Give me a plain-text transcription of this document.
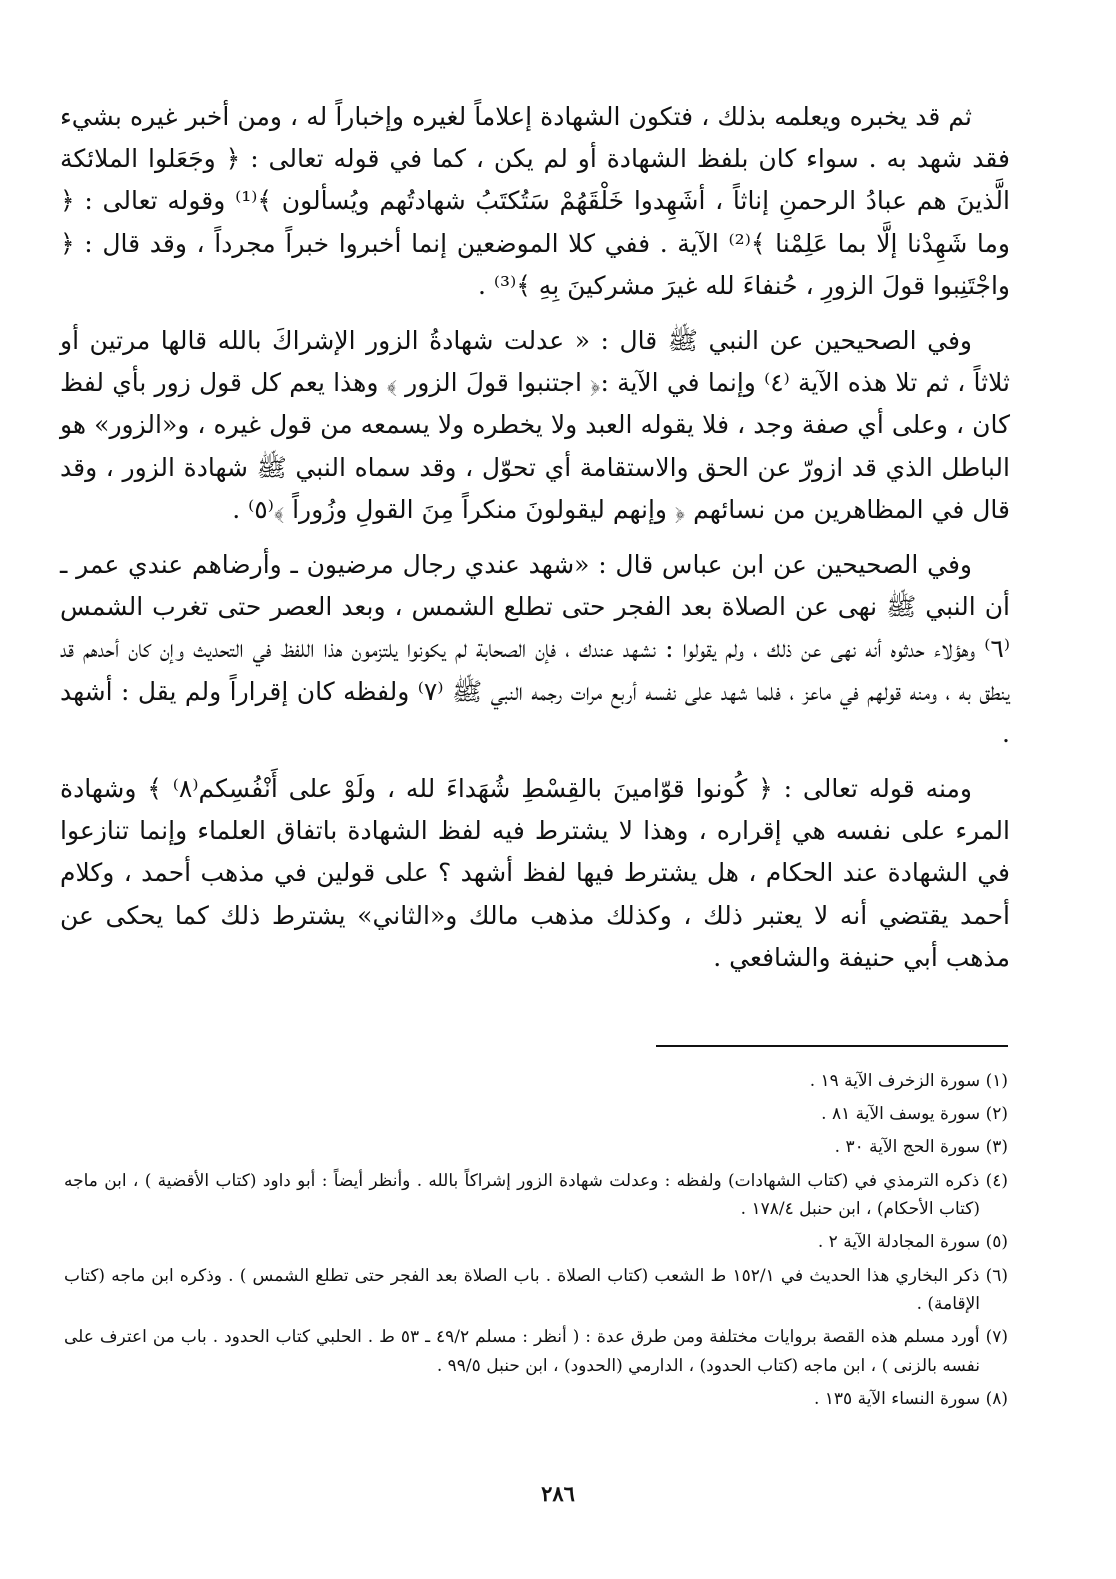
ثم قد يخبره ويعلمه بذلك ، فتكون الشهادة إعلاماً لغيره وإخباراً له ، ومن أخبر غيره بشيء فقد شهد به . سواء كان بلفظ الشهادة أو لم يكن ، كما في قوله تعالى : ﴿ وجَعَلوا الملائكة الَّذينَ هم عبادُ الرحمنِ إناثاً ، أشَهِدوا خَلْقَهُمْ سَتُكتَبُ شهادتُهم ويُسألون ﴾⁽¹⁾ وقوله تعالى : ﴿ وما شَهِدْنا إلَّا بما عَلِمْنا ﴾⁽²⁾ الآية . ففي كلا الموضعين إنما أخبروا خبراً مجرداً ، وقد قال : ﴿ واجْتَنِبوا قولَ الزورِ ، حُنفاءَ لله غيرَ مشركينَ بِهِ ﴾⁽³⁾ .

وفي الصحيحين عن النبي ﷺ قال : « عدلت شهادةُ الزور الإشراكَ بالله قالها مرتين أو ثلاثاً ، ثم تلا هذه الآية ⁽٤⁾ وإنما في الآية :﴿ اجتنبوا قولَ الزور ﴾ وهذا يعم كل قول زور بأي لفظ كان ، وعلى أي صفة وجد ، فلا يقوله العبد ولا يخطره ولا يسمعه من قول غيره ، و«الزور» هو الباطل الذي قد ازورّ عن الحق والاستقامة أي تحوّل ، وقد سماه النبي ﷺ شهادة الزور ، وقد قال في المظاهرين من نسائهم ﴿ وإنهم ليقولونَ منكراً مِنَ القولِ وزُوراً ﴾⁽٥⁾ .

وفي الصحيحين عن ابن عباس قال : «شهد عندي رجال مرضيون ـ وأرضاهم عندي عمر ـ أن النبي ﷺ نهى عن الصلاة بعد الفجر حتى تطلع الشمس ، وبعد العصر حتى تغرب الشمس ⁽٦⁾ وهؤلاء حدثوه أنه نهى عن ذلك ، ولم يقولوا : نشهد عندك ، فإن الصحابة لم يكونوا يلتزمون هذا اللفظ في التحديث وإن كان أحدهم قد ينطق به ، ومنه قولهم في ماعز ، فلما شهد على نفسه أربع مرات رجمه النبي ﷺ ⁽٧⁾ ولفظه كان إقراراً ولم يقل : أشهد .

ومنه قوله تعالى : ﴿ كُونوا قوّامينَ بالقِسْطِ شُهَداءَ لله ، ولَوْ على أَنْفُسِكم⁽٨⁾ ﴾ وشهادة المرء على نفسه هي إقراره ، وهذا لا يشترط فيه لفظ الشهادة باتفاق العلماء وإنما تنازعوا في الشهادة عند الحكام ، هل يشترط فيها لفظ أشهد ؟ على قولين في مذهب أحمد ، وكلام أحمد يقتضي أنه لا يعتبر ذلك ، وكذلك مذهب مالك و«الثاني» يشترط ذلك كما يحكى عن مذهب أبي حنيفة والشافعي .

(١) سورة الزخرف الآية ١٩ .

(٢) سورة يوسف الآية ٨١ .

(٣) سورة الحج الآية ٣٠ .

(٤) ذكره الترمذي في (كتاب الشهادات) ولفظه : وعدلت شهادة الزور إشراكاً بالله . وأنظر أيضاً : أبو داود (كتاب الأقضية ) ، ابن ماجه (كتاب الأحكام) ، ابن حنبل ١٧٨/٤ .

(٥) سورة المجادلة الآية ٢ .

(٦) ذكر البخاري هذا الحديث في ١٥٢/١ ط الشعب (كتاب الصلاة . باب الصلاة بعد الفجر حتى تطلع الشمس ) . وذكره ابن ماجه (كتاب الإقامة) .

(٧) أورد مسلم هذه القصة بروايات مختلفة ومن طرق عدة : ( أنظر : مسلم ٤٩/٢ ـ ٥٣ ط . الحلبي كتاب الحدود . باب من اعترف على نفسه بالزنى ) ، ابن ماجه (كتاب الحدود) ، الدارمي (الحدود) ، ابن حنبل ٩٩/٥ .

(٨) سورة النساء الآية ١٣٥ .

٢٨٦
